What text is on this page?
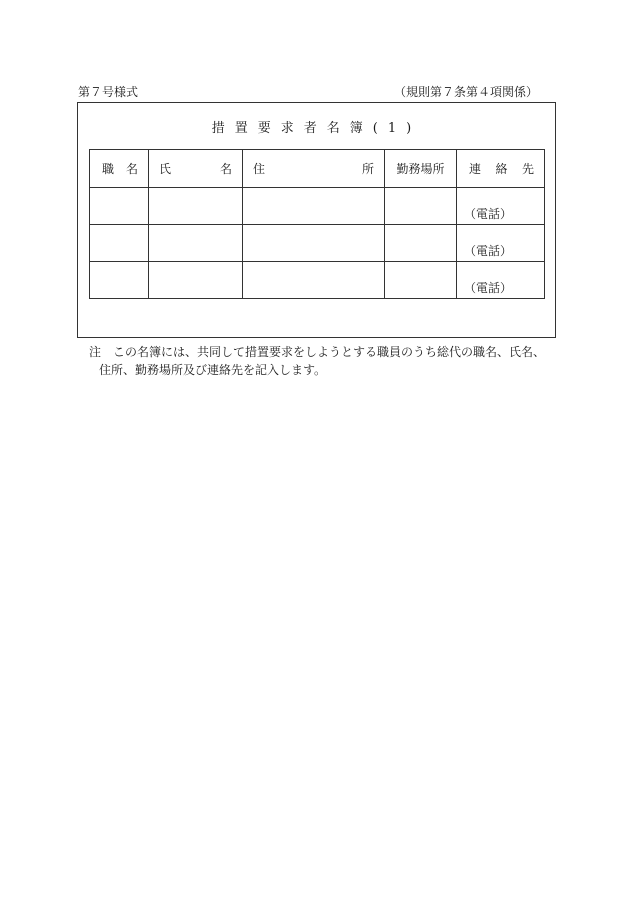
第７号様式	（規則第７条第４項関係）
措置要求者名簿(1)
職 名	氏 名	住 所	勤務場所	連 絡 先

				（電話）
				（電話）
				（電話）
注 この名簿には、共同して措置要求をしようとする職員のうち総代の職名、氏名、住所、勤務場所及び連絡先を記入します。
